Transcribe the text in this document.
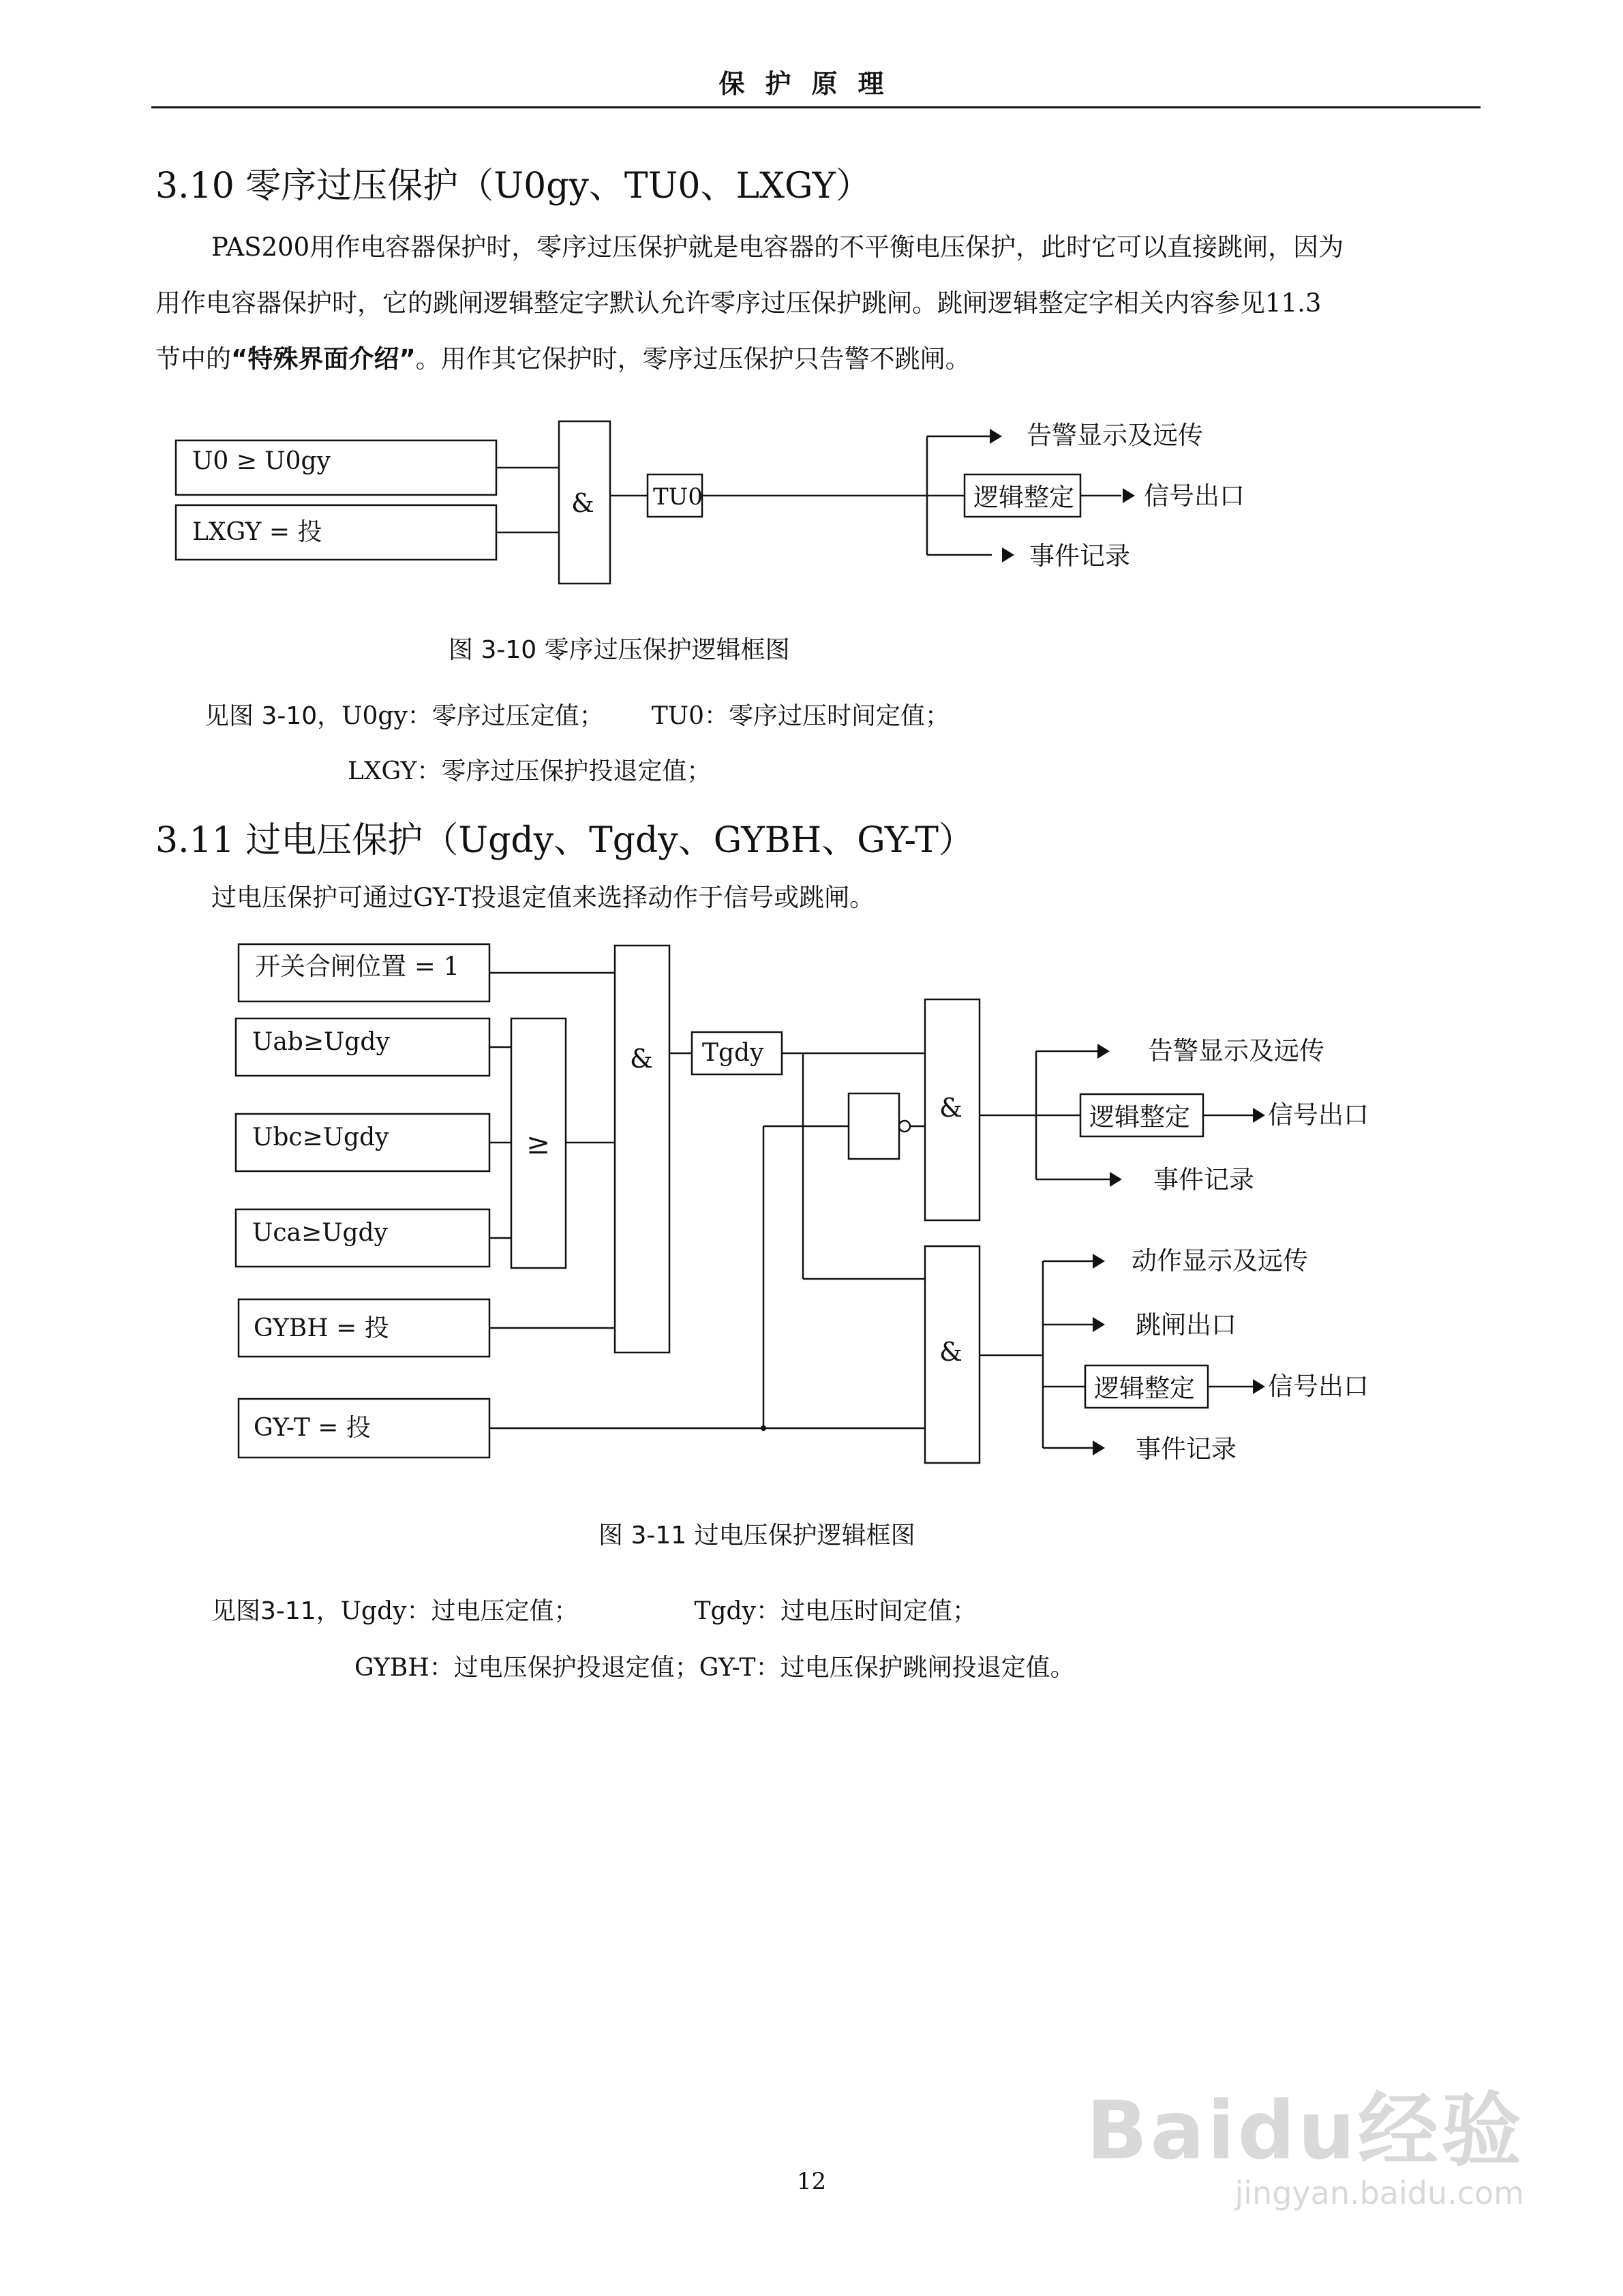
保护原理
3.10 零序过压保护（U0gy、TU0、LXGY）
PAS200用作电容器保护时，零序过压保护就是电容器的不平衡电压保护，此时它可以直接跳闸，因为
用作电容器保护时，它的跳闸逻辑整定字默认允许零序过压保护跳闸。跳闸逻辑整定字相关内容参见11.3
节中的“特殊界面介绍”。用作其它保护时，零序过压保护只告警不跳闸。
U0 ≥ U0gy
LXGY = 投
&	TU0	逻辑整定
告警显示及远传
信号出口
事件记录
图 3-10 零序过压保护逻辑框图
见图 3-10，U0gy：零序过压定值； TU0：零序过压时间定值；
LXGY：零序过压保护投退定值；
3.11 过电压保护（Ugdy、Tgdy、GYBH、GY-T）
过电压保护可通过GY-T投退定值来选择动作于信号或跳闸。
开关合闸位置 = 1
Uab≥Ugdy
Ubc≥Ugdy
Uca≥Ugdy
GYBH = 投
GY-T = 投
≥
& Tgdy
&
&
逻辑整定
逻辑整定
告警显示及远传
信号出口
事件记录
动作显示及远传
跳闸出口
信号出口
事件记录
图 3-11 过电压保护逻辑框图
见图3-11，Ugdy：过电压定值；	Tgdy：过电压时间定值；
GYBH：过电压保护投退定值；GY-T：过电压保护跳闸投退定值。
12
Baidu经验
jingyan.baidu.com
